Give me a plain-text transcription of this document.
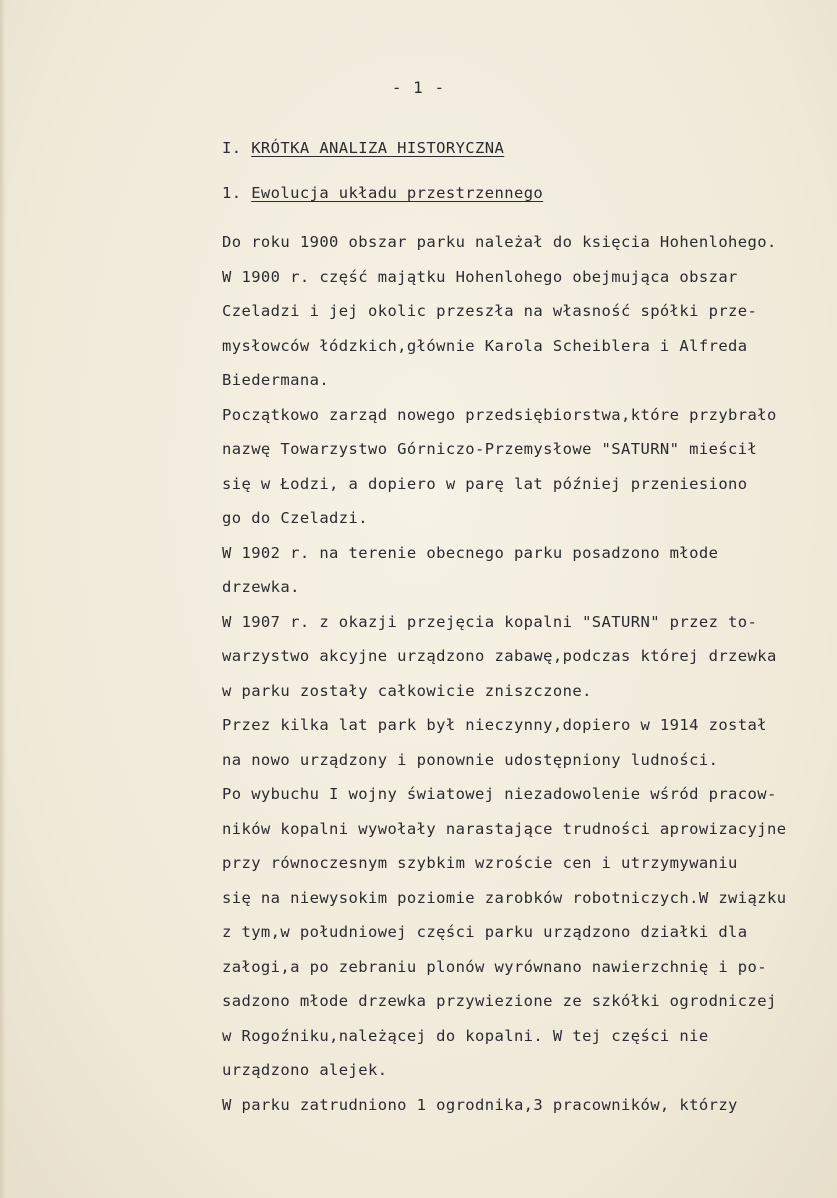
- 1 -
I. KRÓTKA ANALIZA HISTORYCZNA
1. Ewolucja układu przestrzennego
Do roku 1900 obszar parku należał do księcia Hohenlohego.
W 1900 r. część majątku Hohenlohego obejmująca obszar
Czeladzi i jej okolic przeszła na własność spółki prze-
mysłowców łódzkich,głównie Karola Scheiblera i Alfreda
Biedermana.
Początkowo zarząd nowego przedsiębiorstwa,które przybrało
nazwę Towarzystwo Górniczo-Przemysłowe "SATURN" mieścił
się w Łodzi, a dopiero w parę lat później przeniesiono
go do Czeladzi.
W 1902 r. na terenie obecnego parku posadzono młode
drzewka.
W 1907 r. z okazji przejęcia kopalni "SATURN" przez to-
warzystwo akcyjne urządzono zabawę,podczas której drzewka
w parku zostały całkowicie zniszczone.
Przez kilka lat park był nieczynny,dopiero w 1914 został
na nowo urządzony i ponownie udostępniony ludności.
Po wybuchu I wojny światowej niezadowolenie wśród pracow-
ników kopalni wywołały narastające trudności aprowizacyjne
przy równoczesnym szybkim wzroście cen i utrzymywaniu
się na niewysokim poziomie zarobków robotniczych.W związku
z tym,w południowej części parku urządzono działki dla
załogi,a po zebraniu plonów wyrównano nawierzchnię i po-
sadzono młode drzewka przywiezione ze szkółki ogrodniczej
w Rogoźniku,należącej do kopalni. W tej części nie
urządzono alejek.
W parku zatrudniono 1 ogrodnika,3 pracowników, którzy
